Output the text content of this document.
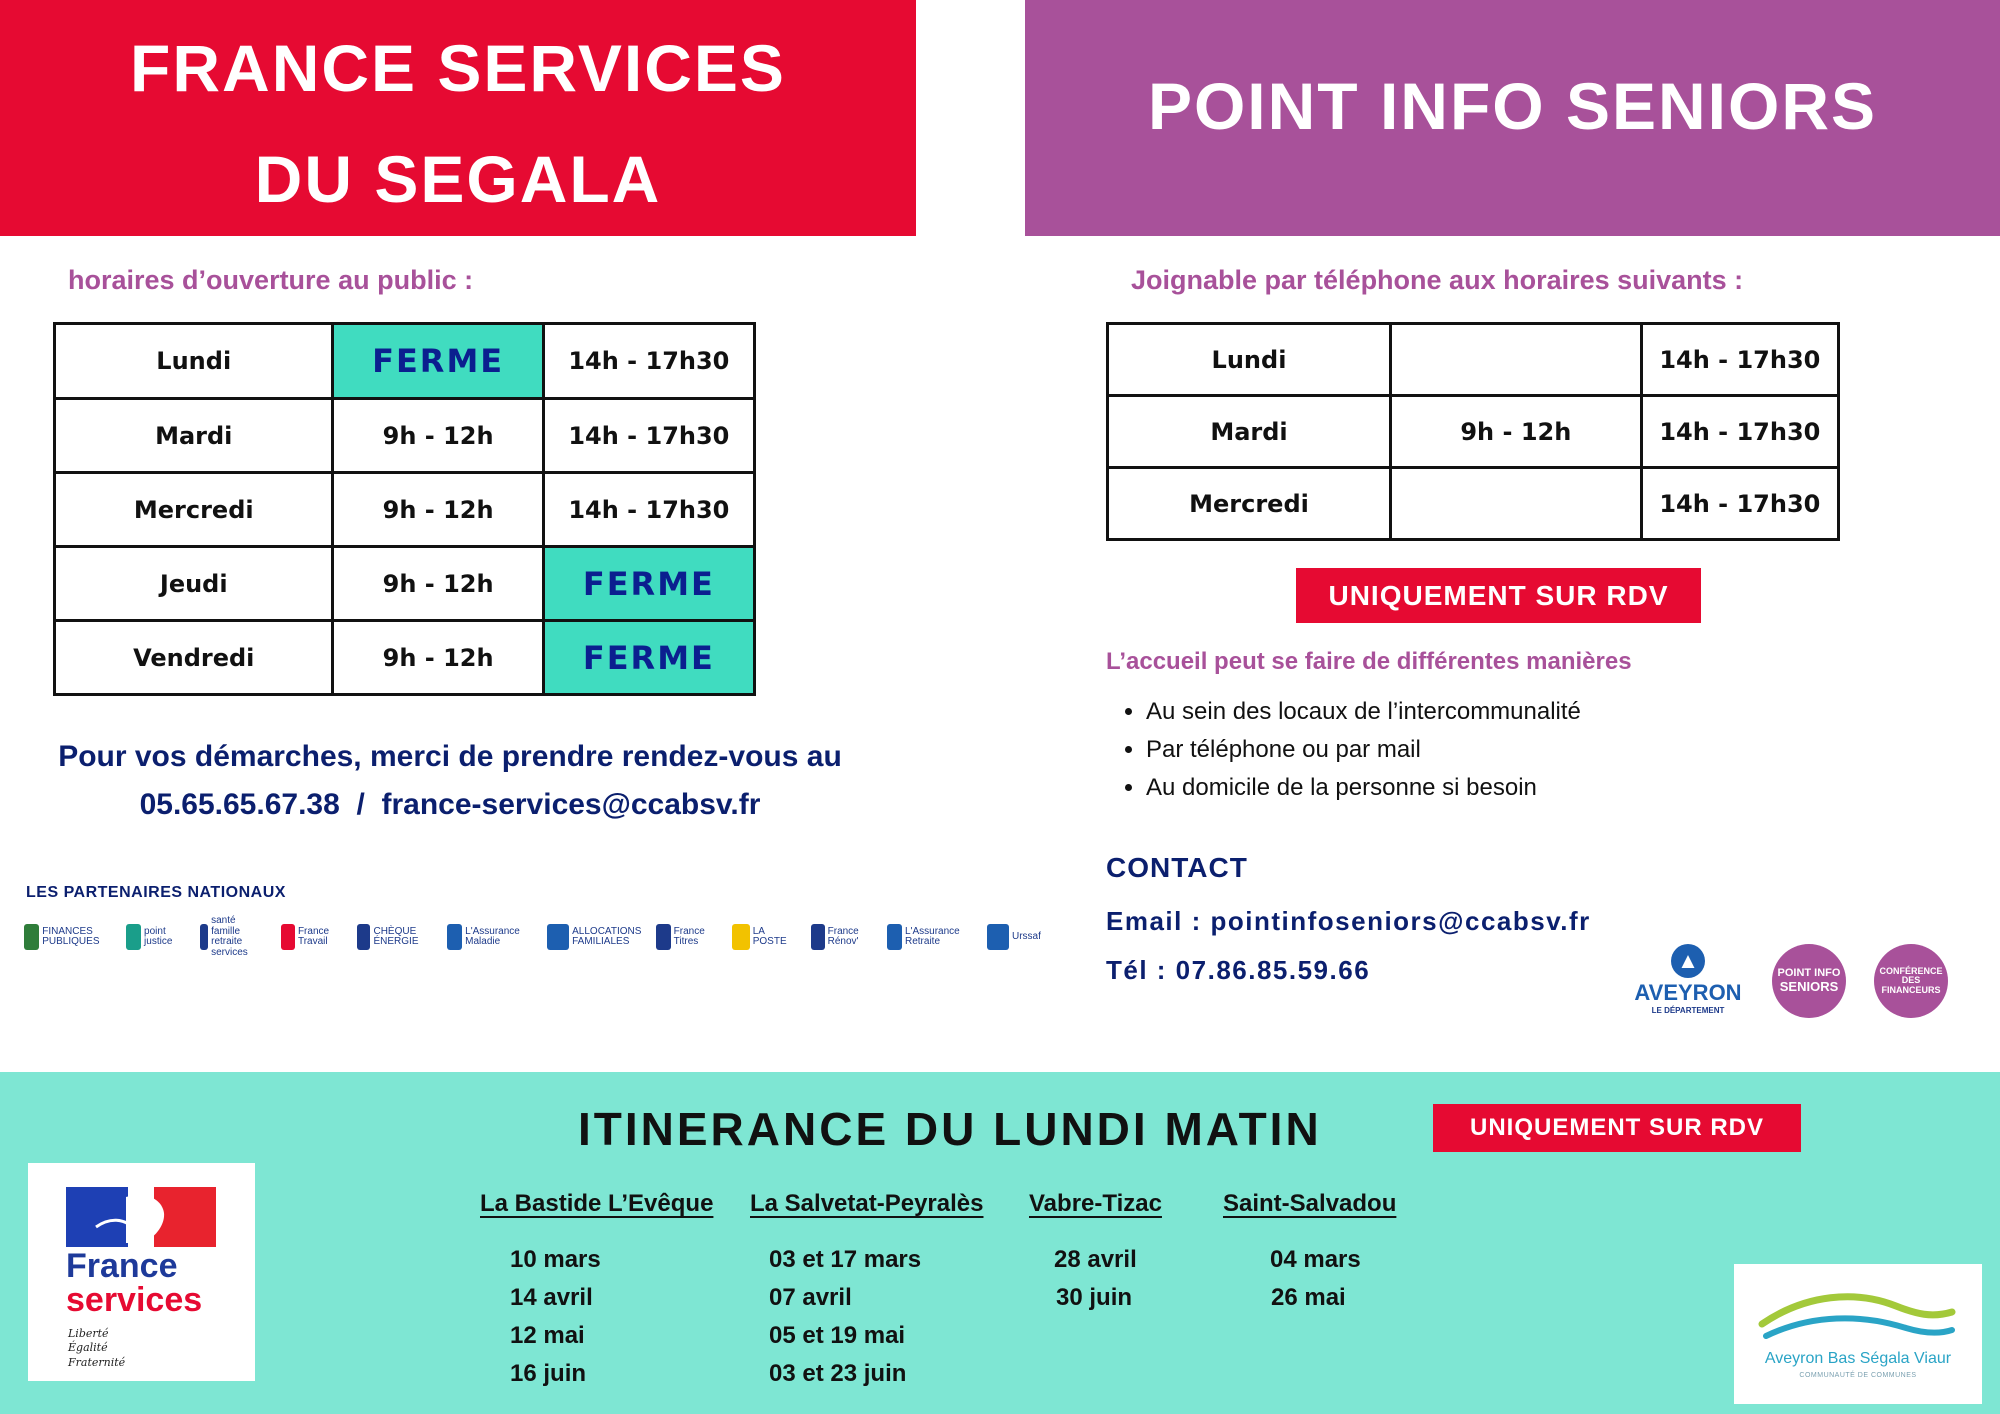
FRANCE SERVICES
DU SEGALA
POINT INFO SENIORS
horaires d’ouverture au public :	Joignable par téléphone aux horaires suivants :
Lundi	FERME	14h - 17h30
Mardi	9h - 12h	14h - 17h30
Mercredi	9h - 12h	14h - 17h30
Jeudi	9h - 12h	FERME
Vendredi	9h - 12h	FERME
Lundi		14h - 17h30
Mardi	9h - 12h	14h - 17h30
Mercredi		14h - 17h30
UNIQUEMENT SUR RDV
Pour vos démarches, merci de prendre rendez-vous au
05.65.65.67.38 / france-services@ccabsv.fr
LES PARTENAIRES NATIONAUX
FINANCES PUBLIQUES
point justice
santé famille retraite services
France Travail
CHÈQUE ÉNERGIE
L'Assurance Maladie
ALLOCATIONS FAMILIALES
France Titres
LA POSTE
France Rénov'
L'Assurance Retraite	Urssaf
L’accueil peut se faire de différentes manières
• Au sein des locaux de l’intercommunalité
• Par téléphone ou par mail
• Au domicile de la personne si besoin
CONTACT
Email : pointinfoseniors@ccabsv.fr
Tél : 07.86.85.59.66	▲
AVEYRON
LE DÉPARTEMENT
POINT INFO
SENIORS
CONFÉRENCE
DES
FINANCEURS
ITINERANCE DU LUNDI MATIN	UNIQUEMENT SUR RDV
La Bastide L’Evêque
10 mars
14 avril
12 mai
16 juin
La Salvetat-Peyralès
03 et 17 mars
07 avril
05 et 19 mai
03 et 23 juin
Vabre-Tizac
28 avril
30 juin
Saint-Salvadou
04 mars
26 mai
France
services
Liberté
Égalité
Fraternité	Aveyron Bas Ségala Viaur
COMMUNAUTÉ DE COMMUNES
